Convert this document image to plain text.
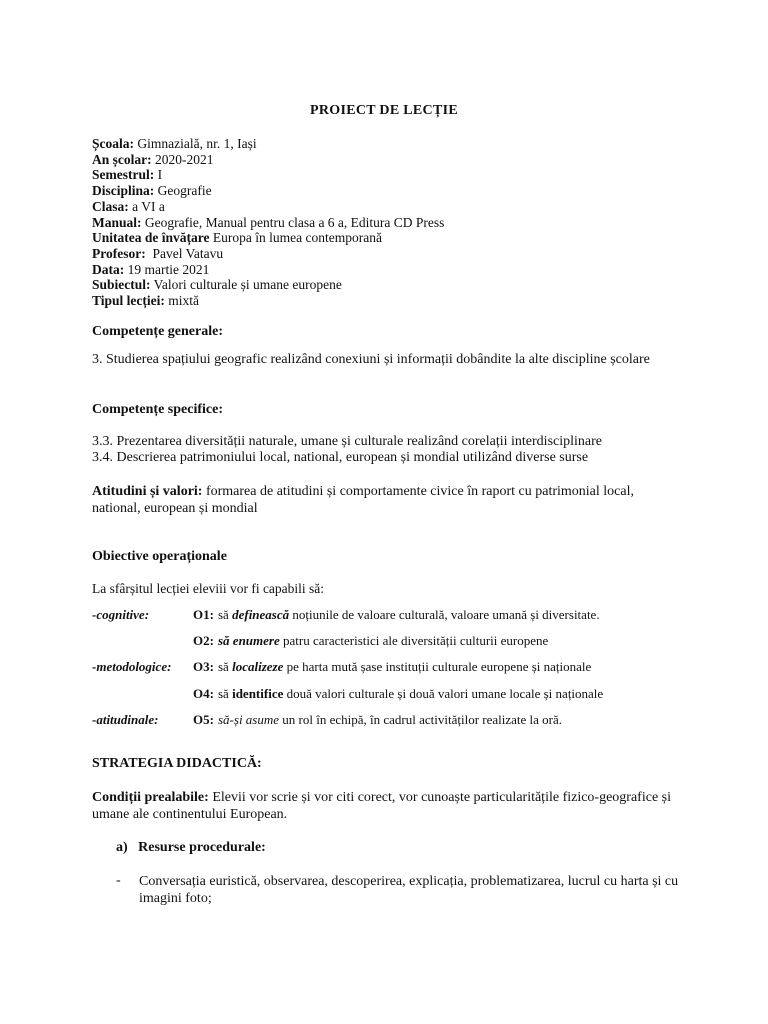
PROIECT DE LECȚIE
Școala: Gimnazială, nr. 1, Iași
An școlar: 2020-2021
Semestrul: I
Disciplina: Geografie
Clasa: a VI a
Manual: Geografie, Manual pentru clasa a 6 a, Editura CD Press
Unitatea de învățare Europa în lumea contemporană
Profesor:  Pavel Vatavu
Data: 19 martie 2021
Subiectul: Valori culturale și umane europene
Tipul lecției: mixtă
Competențe generale:
3. Studierea spațiului geografic realizând conexiuni și informații dobândite la alte discipline școlare
Competențe specifice:
3.3. Prezentarea diversității naturale, umane și culturale realizând corelații interdisciplinare
3.4. Descrierea patrimoniului local, national, european și mondial utilizând diverse surse
Atitudini și valori: formarea de atitudini și comportamente civice în raport cu patrimonial local, national, european și mondial
Obiective operaționale
La sfârșitul lecției eleviii vor fi capabili să:
-cognitive:	O1: să definească noțiunile de valoare culturală, valoare umană și diversitate.
O2: să enumere patru caracteristici ale diversității culturii europene
-metodologice: O3: să localizeze pe harta mută șase instituții culturale europene și naționale
O4: să identifice două valori culturale și două valori umane locale și naționale
-atitudinale:	O5: să-și asume un rol în echipă, în cadrul activităților realizate la oră.
STRATEGIA DIDACTICĂ:
Condiții prealabile: Elevii vor scrie și vor citi corect, vor cunoaște particularitățile fizico-geografice și umane ale continentului European.
a)   Resurse procedurale:
- Conversația euristică, observarea, descoperirea, explicația, problematizarea, lucrul cu harta și cu imagini foto;
